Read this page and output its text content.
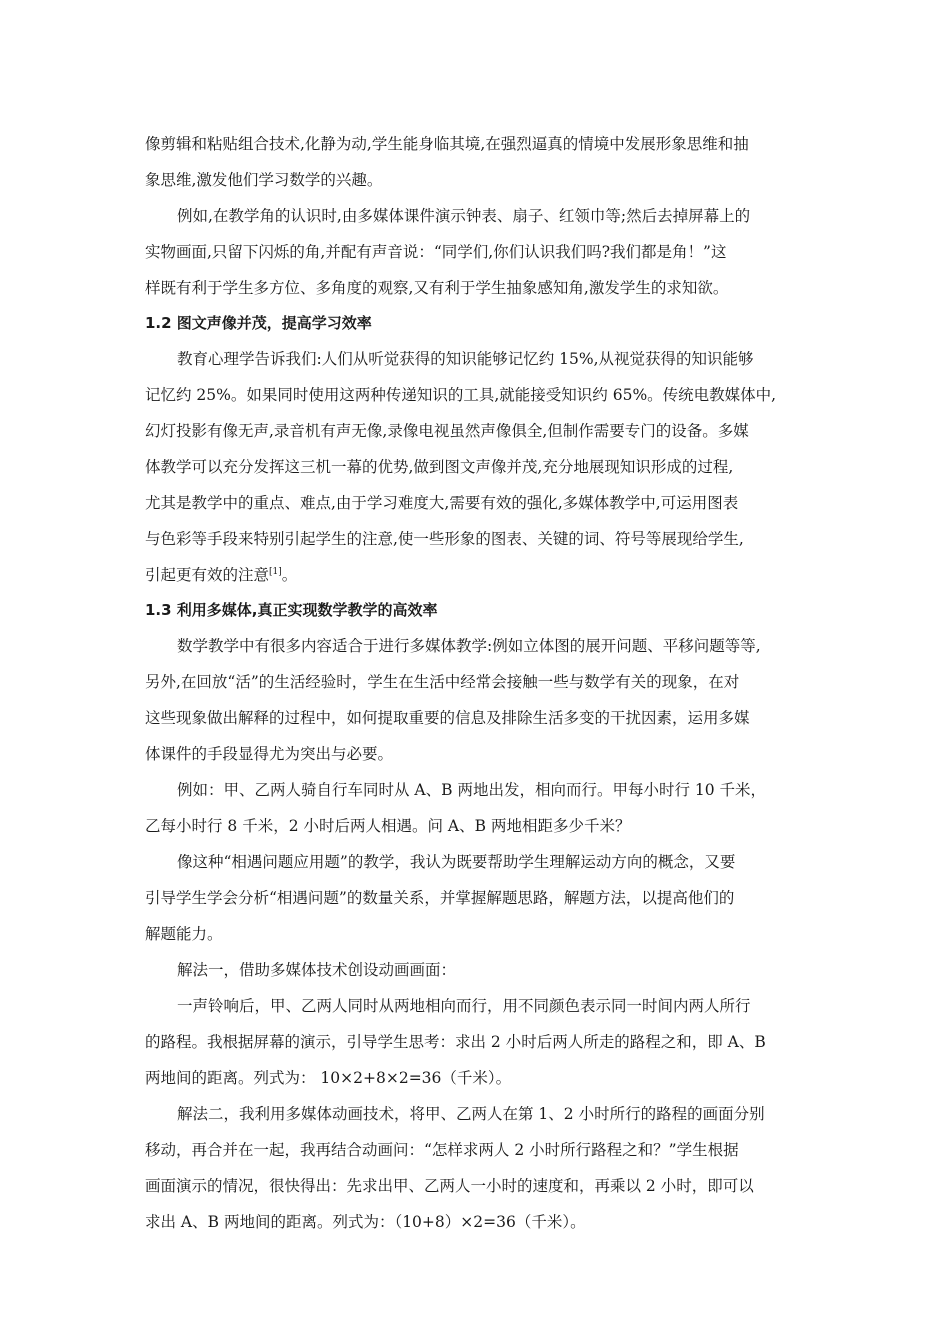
像剪辑和粘贴组合技术,化静为动,学生能身临其境,在强烈逼真的情境中发展形象思维和抽
象思维,激发他们学习数学的兴趣。
例如,在教学角的认识时,由多媒体课件演示钟表、扇子、红领巾等;然后去掉屏幕上的
实物画面,只留下闪烁的角,并配有声音说：“同学们,你们认识我们吗?我们都是角！”这
样既有利于学生多方位、多角度的观察,又有利于学生抽象感知角,激发学生的求知欲。
1.2 图文声像并茂，提高学习效率
教育心理学告诉我们:人们从听觉获得的知识能够记忆约 15%,从视觉获得的知识能够
记忆约 25%。如果同时使用这两种传递知识的工具,就能接受知识约 65%。传统电教媒体中,
幻灯投影有像无声,录音机有声无像,录像电视虽然声像俱全,但制作需要专门的设备。多媒
体教学可以充分发挥这三机一幕的优势,做到图文声像并茂,充分地展现知识形成的过程,
尤其是教学中的重点、难点,由于学习难度大,需要有效的强化,多媒体教学中,可运用图表
与色彩等手段来特别引起学生的注意,使一些形象的图表、关键的词、符号等展现给学生,
引起更有效的注意[1]。
1.3 利用多媒体,真正实现数学教学的高效率
数学教学中有很多内容适合于进行多媒体教学:例如立体图的展开问题、平移问题等等,
另外,在回放“活”的生活经验时，学生在生活中经常会接触一些与数学有关的现象，在对
这些现象做出解释的过程中，如何提取重要的信息及排除生活多变的干扰因素，运用多媒
体课件的手段显得尤为突出与必要。
例如：甲、乙两人骑自行车同时从 A、B 两地出发，相向而行。甲每小时行 10 千米，
乙每小时行 8 千米，2 小时后两人相遇。问 A、B 两地相距多少千米？
像这种“相遇问题应用题”的教学，我认为既要帮助学生理解运动方向的概念，又要
引导学生学会分析“相遇问题”的数量关系，并掌握解题思路，解题方法，以提高他们的
解题能力。
解法一，借助多媒体技术创设动画画面：
一声铃响后，甲、乙两人同时从两地相向而行，用不同颜色表示同一时间内两人所行
的路程。我根据屏幕的演示，引导学生思考：求出 2 小时后两人所走的路程之和，即 A、B
两地间的距离。列式为： 10×2+8×2=36（千米）。
解法二，我利用多媒体动画技术，将甲、乙两人在第 1、2 小时所行的路程的画面分别
移动，再合并在一起，我再结合动画问：“怎样求两人 2 小时所行路程之和？”学生根据
画面演示的情况，很快得出：先求出甲、乙两人一小时的速度和，再乘以 2 小时，即可以
求出 A、B 两地间的距离。列式为：（10+8）×2=36（千米）。
